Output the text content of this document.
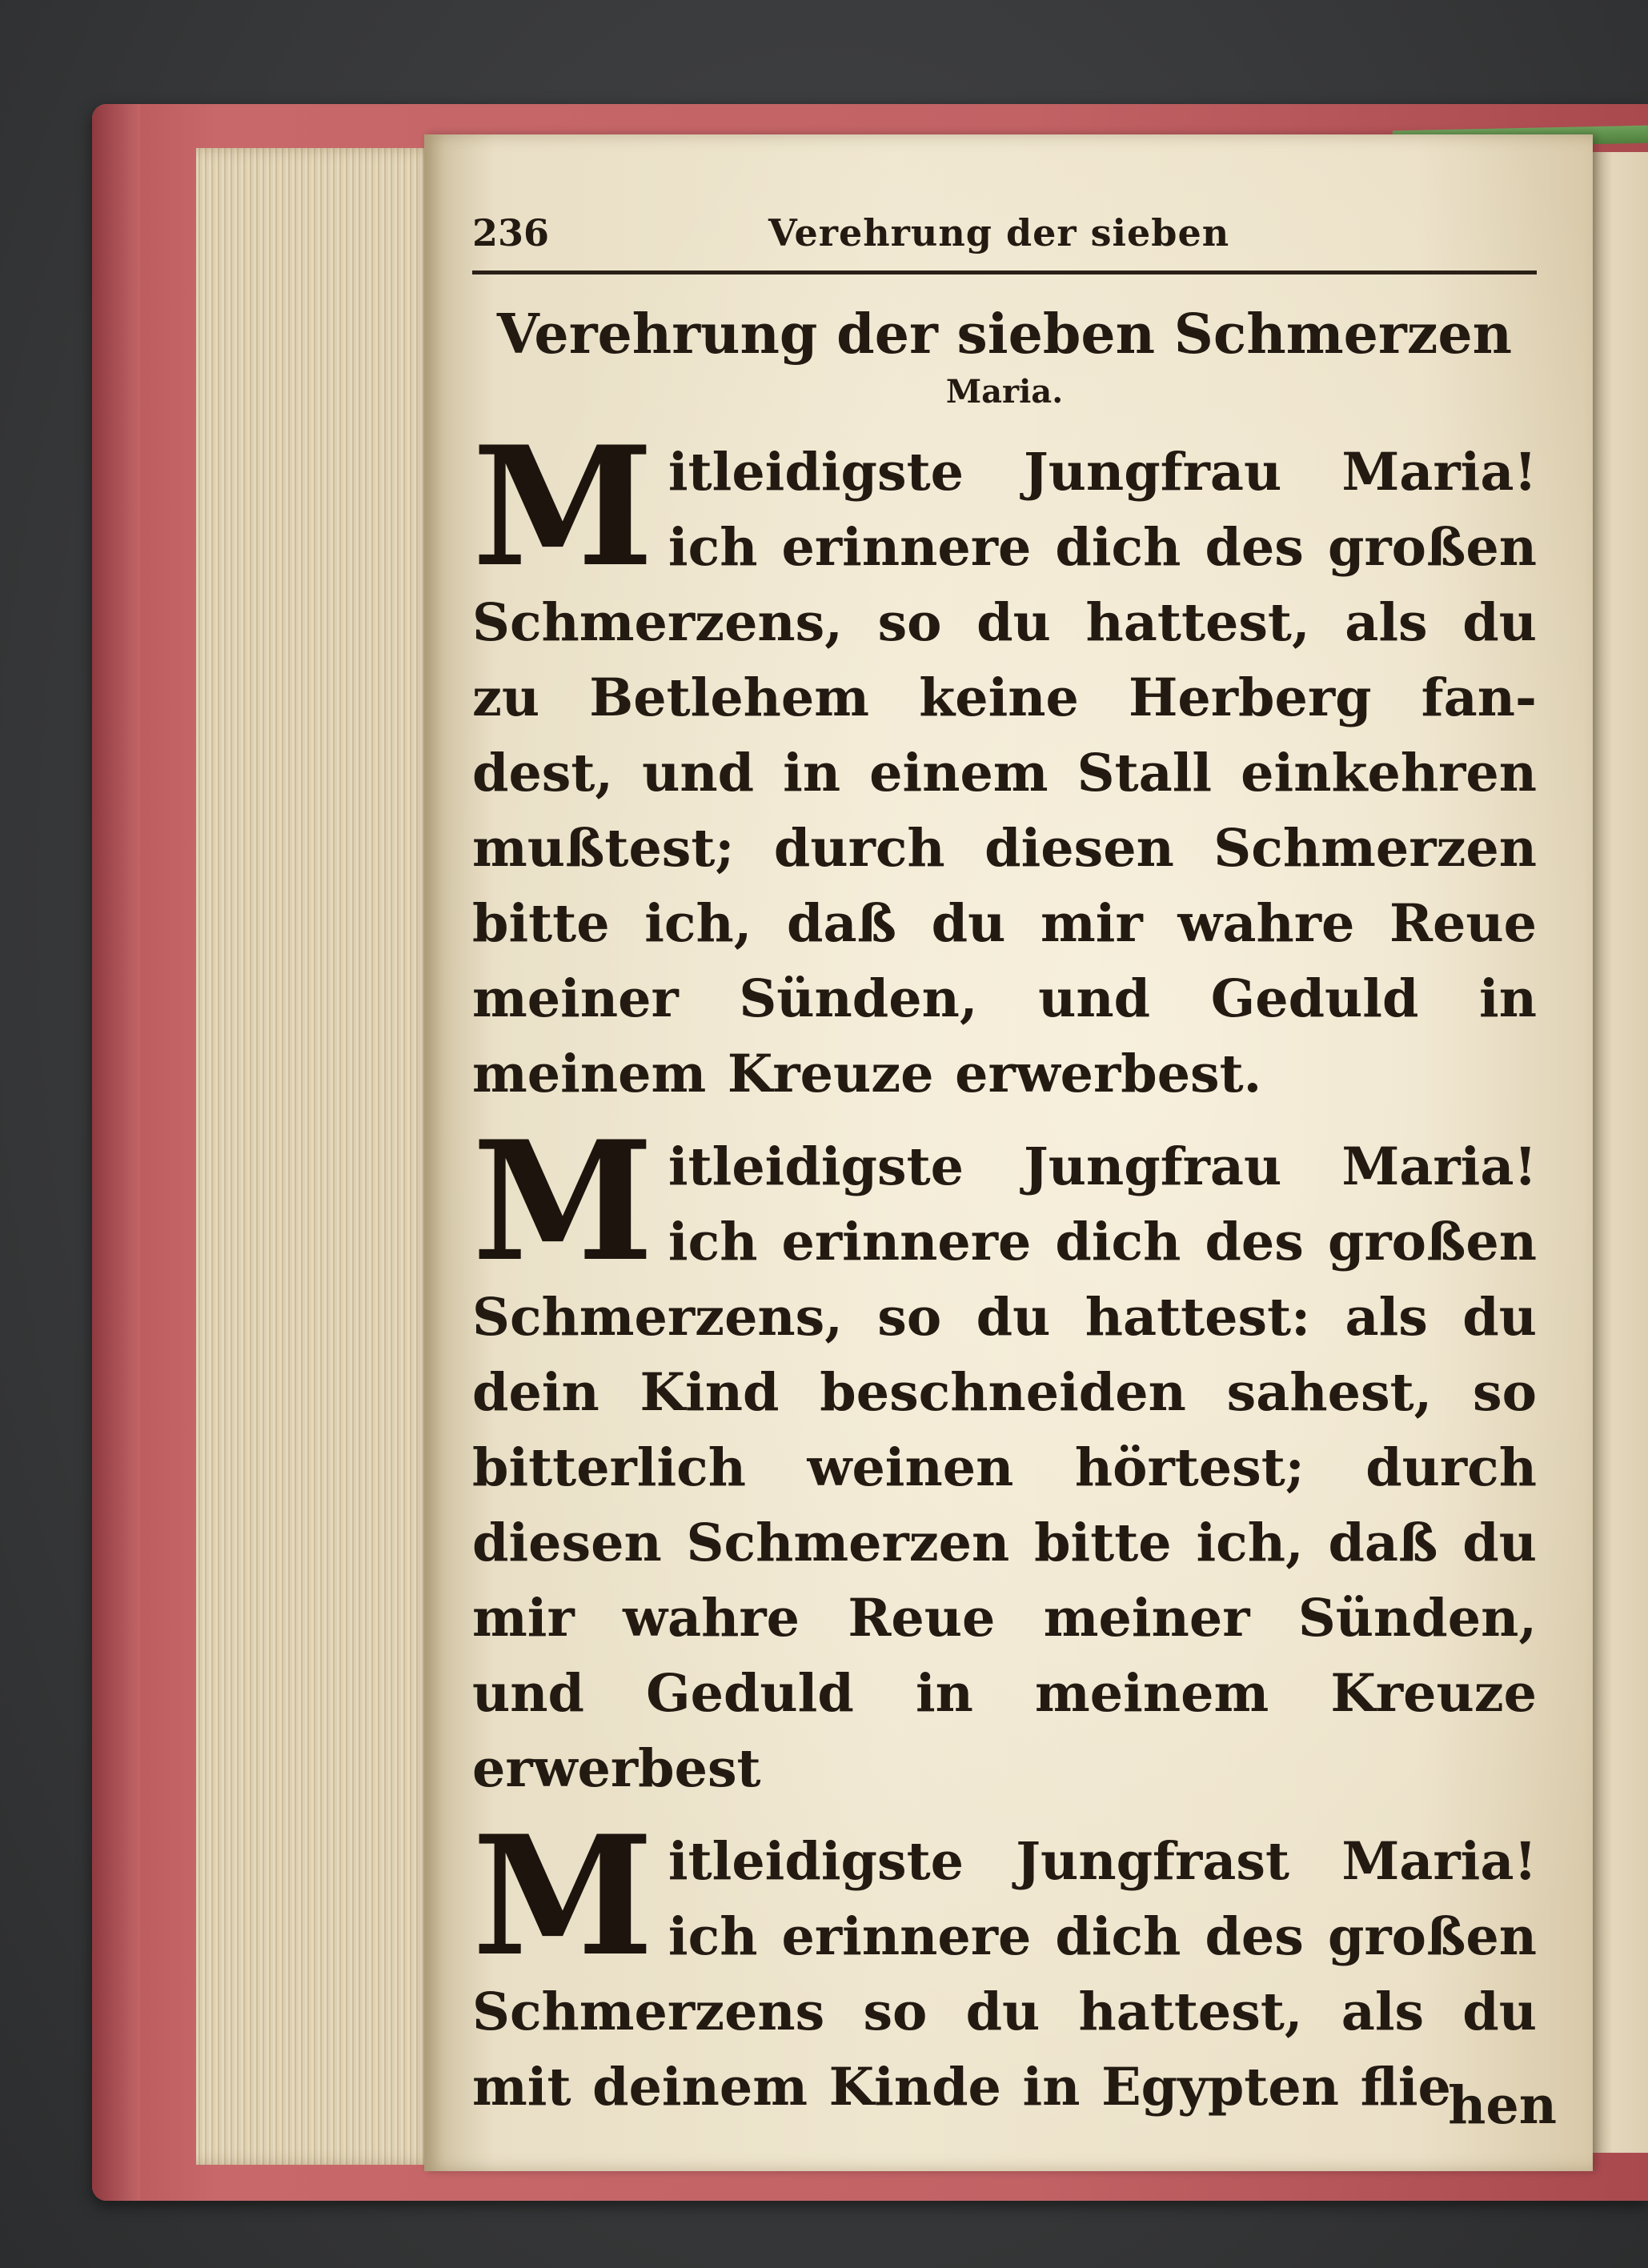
236	Verehrung der sieben
Verehrung der sieben Schmerzen
Maria.

Mitleidigste Jungfrau Maria! ich erinnere dich des großen Schmerzens, so du hattest, als du zu Betlehem keine Herberg fandest, und in einem Stall einkehren mußtest; durch diesen Schmerzen bitte ich, daß du mir wahre Reue meiner Sünden, und Geduld in meinem Kreuze erwerbest.

Mitleidigste Jungfrau Maria! ich erinnere dich des großen Schmerzens, so du hattest: als du dein Kind beschneiden sahest, so bitterlich weinen hörtest; durch diesen Schmerzen bitte ich, daß du mir wahre Reue meiner Sünden, und Geduld in meinem Kreuze erwerbest

Mitleidigste Jungfrast Maria! ich erinnere dich des großen Schmerzens so du hattest, als du mit deinem Kinde in Egypten flie

hen
